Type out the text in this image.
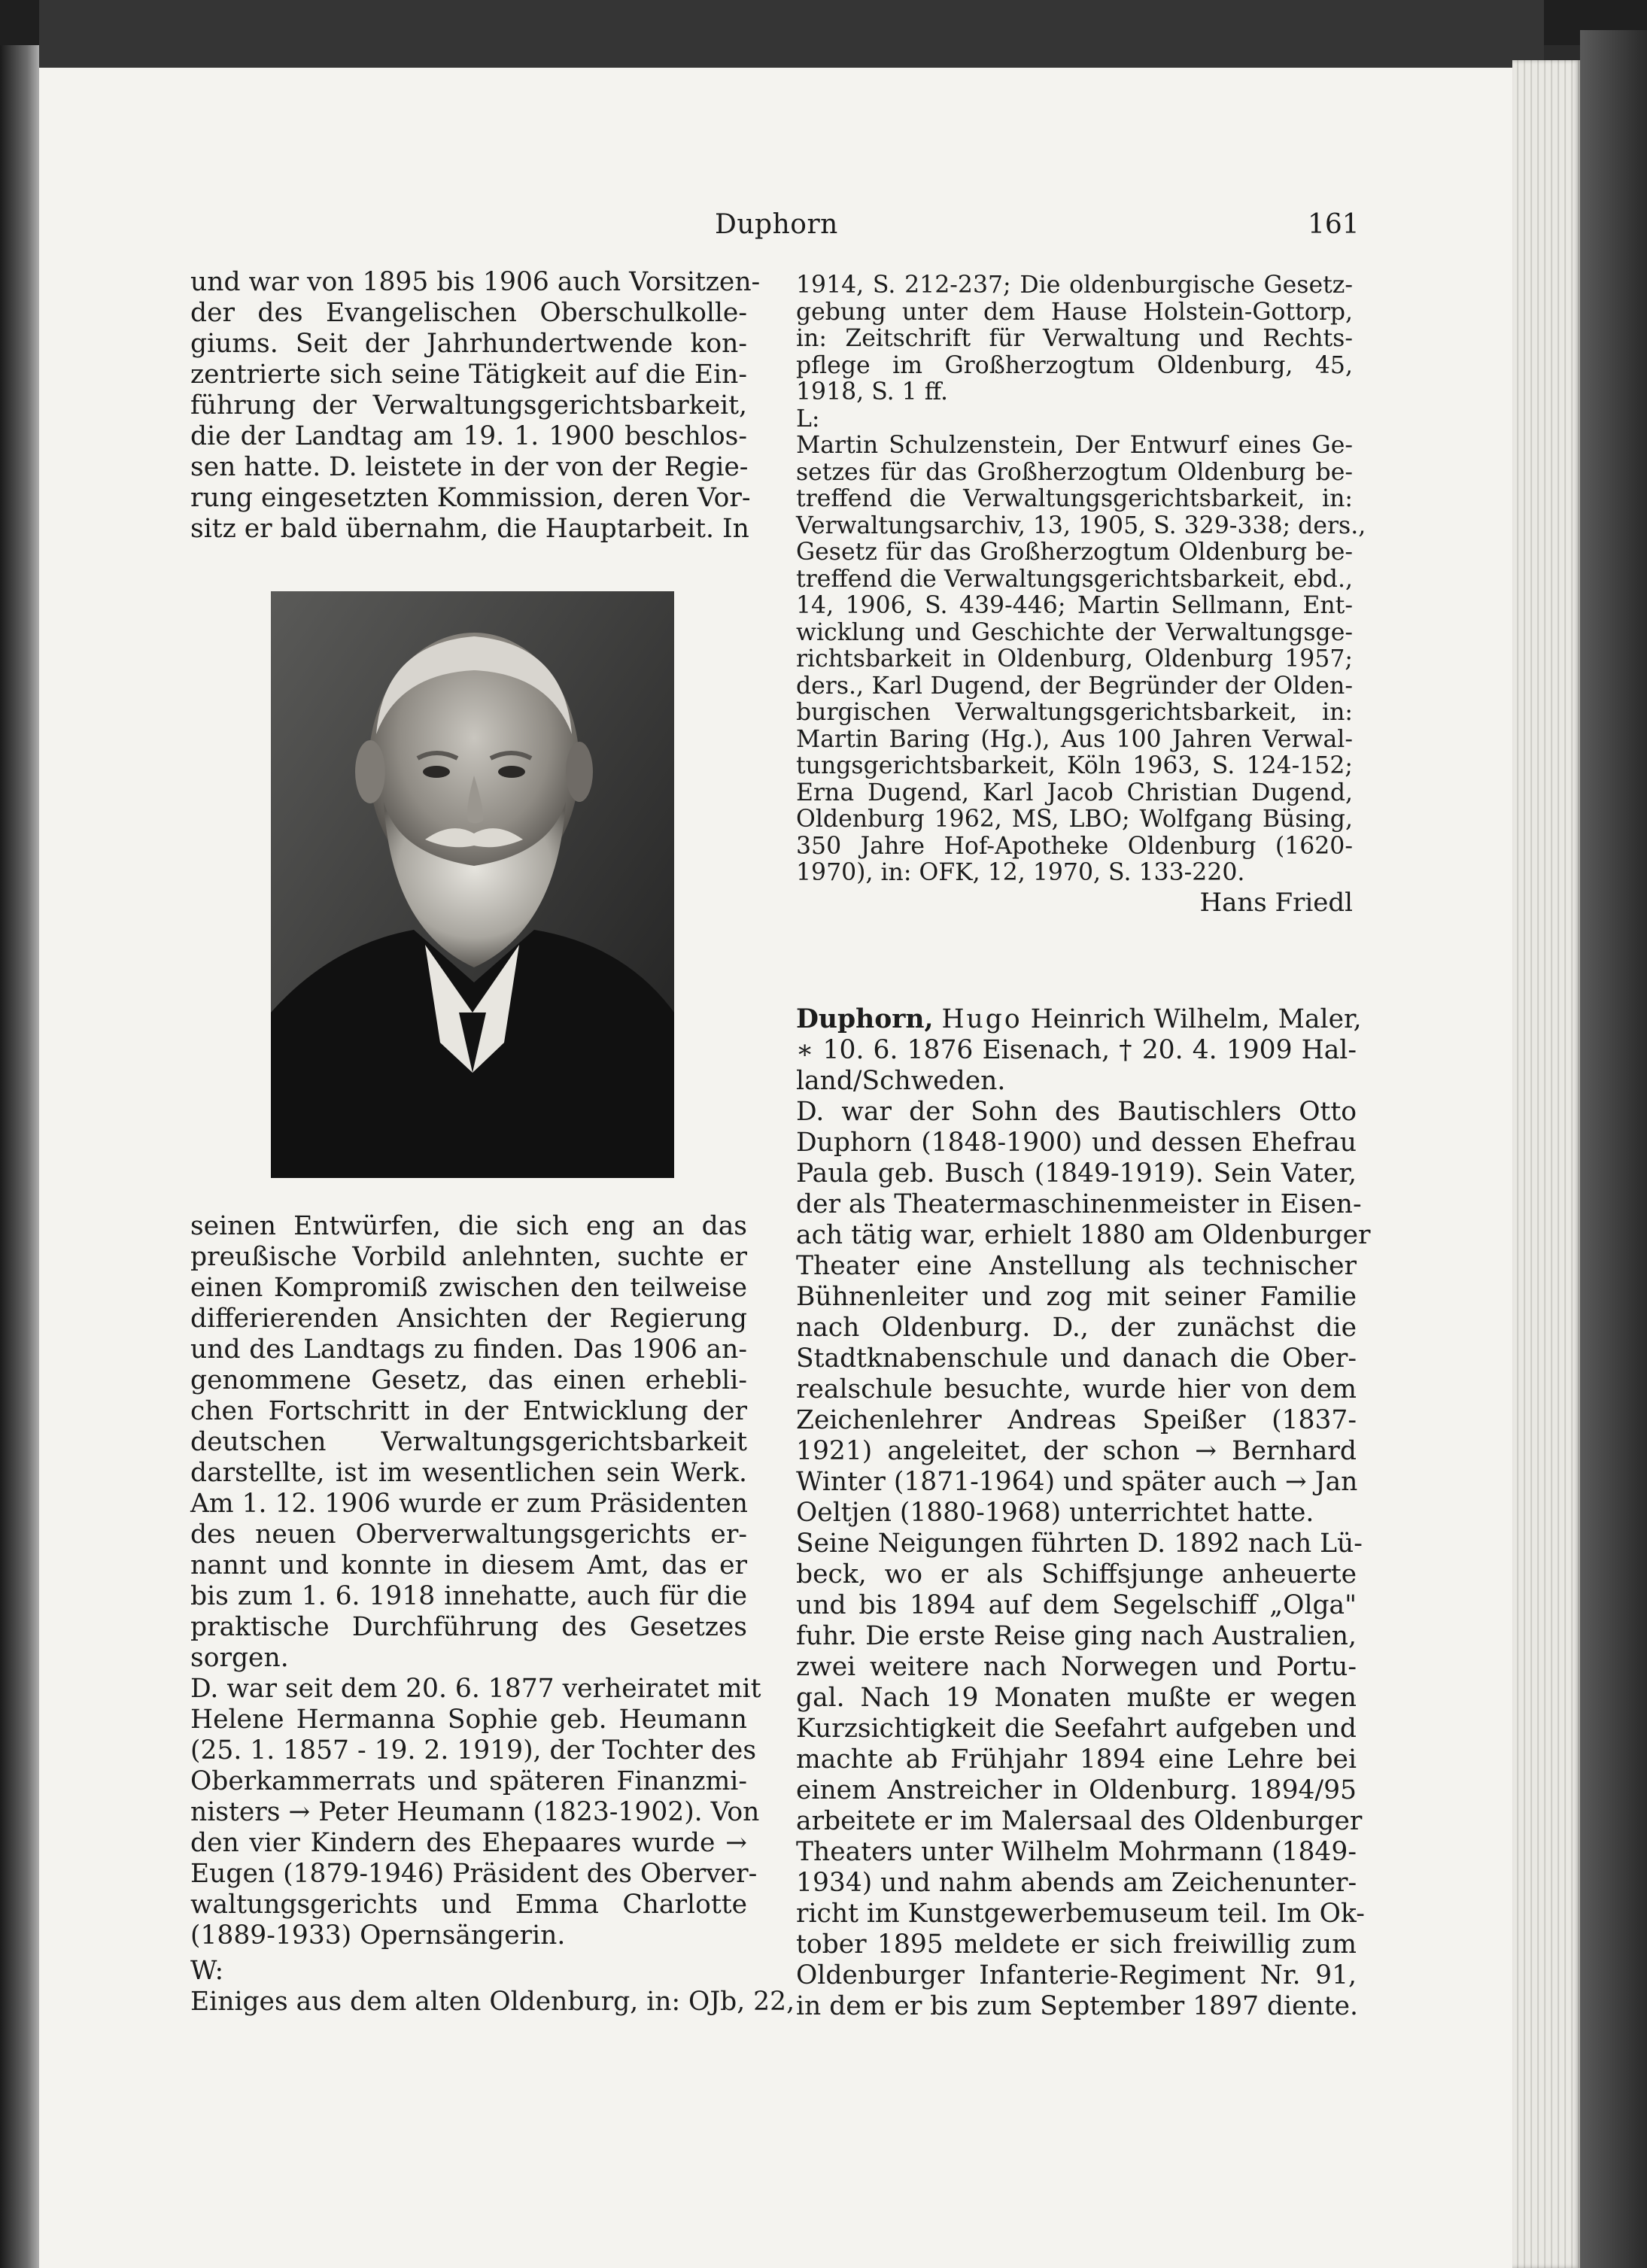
Duphorn	161
und war von 1895 bis 1906 auch Vorsitzen-
der des Evangelischen Oberschulkolle-
giums. Seit der Jahrhundertwende kon-
zentrierte sich seine Tätigkeit auf die Ein-
führung der Verwaltungsgerichtsbarkeit,
die der Landtag am 19. 1. 1900 beschlos-
sen hatte. D. leistete in der von der Regie-
rung eingesetzten Kommission, deren Vor-
sitz er bald übernahm, die Hauptarbeit. In
seinen Entwürfen, die sich eng an das
preußische Vorbild anlehnten, suchte er
einen Kompromiß zwischen den teilweise
differierenden Ansichten der Regierung
und des Landtags zu finden. Das 1906 an-
genommene Gesetz, das einen erhebli-
chen Fortschritt in der Entwicklung der
deutschen Verwaltungsgerichtsbarkeit
darstellte, ist im wesentlichen sein Werk.
Am 1. 12. 1906 wurde er zum Präsidenten
des neuen Oberverwaltungsgerichts er-
nannt und konnte in diesem Amt, das er
bis zum 1. 6. 1918 innehatte, auch für die
praktische Durchführung des Gesetzes
sorgen.
D. war seit dem 20. 6. 1877 verheiratet mit
Helene Hermanna Sophie geb. Heumann
(25. 1. 1857 - 19. 2. 1919), der Tochter des
Oberkammerrats und späteren Finanzmi-
nisters → Peter Heumann (1823-1902). Von
den vier Kindern des Ehepaares wurde →
Eugen (1879-1946) Präsident des Oberver-
waltungsgerichts und Emma Charlotte
(1889-1933) Opernsängerin.
W:
Einiges aus dem alten Oldenburg, in: OJb, 22,
1914, S. 212-237; Die oldenburgische Gesetz-
gebung unter dem Hause Holstein-Gottorp,
in: Zeitschrift für Verwaltung und Rechts-
pflege im Großherzogtum Oldenburg, 45,
1918, S. 1 ff.
L:
Martin Schulzenstein, Der Entwurf eines Ge-
setzes für das Großherzogtum Oldenburg be-
treffend die Verwaltungsgerichtsbarkeit, in:
Verwaltungsarchiv, 13, 1905, S. 329-338; ders.,
Gesetz für das Großherzogtum Oldenburg be-
treffend die Verwaltungsgerichtsbarkeit, ebd.,
14, 1906, S. 439-446; Martin Sellmann, Ent-
wicklung und Geschichte der Verwaltungsge-
richtsbarkeit in Oldenburg, Oldenburg 1957;
ders., Karl Dugend, der Begründer der Olden-
burgischen Verwaltungsgerichtsbarkeit, in:
Martin Baring (Hg.), Aus 100 Jahren Verwal-
tungsgerichtsbarkeit, Köln 1963, S. 124-152;
Erna Dugend, Karl Jacob Christian Dugend,
Oldenburg 1962, MS, LBO; Wolfgang Büsing,
350 Jahre Hof-Apotheke Oldenburg (1620-
1970), in: OFK, 12, 1970, S. 133-220.
Hans Friedl
Duphorn, Hugo Heinrich Wilhelm, Maler,
∗ 10. 6. 1876 Eisenach, † 20. 4. 1909 Hal-
land/Schweden.
D. war der Sohn des Bautischlers Otto
Duphorn (1848-1900) und dessen Ehefrau
Paula geb. Busch (1849-1919). Sein Vater,
der als Theatermaschinenmeister in Eisen-
ach tätig war, erhielt 1880 am Oldenburger
Theater eine Anstellung als technischer
Bühnenleiter und zog mit seiner Familie
nach Oldenburg. D., der zunächst die
Stadtknabenschule und danach die Ober-
realschule besuchte, wurde hier von dem
Zeichenlehrer Andreas Speißer (1837-
1921) angeleitet, der schon → Bernhard
Winter (1871-1964) und später auch → Jan
Oeltjen (1880-1968) unterrichtet hatte.
Seine Neigungen führten D. 1892 nach Lü-
beck, wo er als Schiffsjunge anheuerte
und bis 1894 auf dem Segelschiff „Olga"
fuhr. Die erste Reise ging nach Australien,
zwei weitere nach Norwegen und Portu-
gal. Nach 19 Monaten mußte er wegen
Kurzsichtigkeit die Seefahrt aufgeben und
machte ab Frühjahr 1894 eine Lehre bei
einem Anstreicher in Oldenburg. 1894/95
arbeitete er im Malersaal des Oldenburger
Theaters unter Wilhelm Mohrmann (1849-
1934) und nahm abends am Zeichenunter-
richt im Kunstgewerbemuseum teil. Im Ok-
tober 1895 meldete er sich freiwillig zum
Oldenburger Infanterie-Regiment Nr. 91,
in dem er bis zum September 1897 diente.
